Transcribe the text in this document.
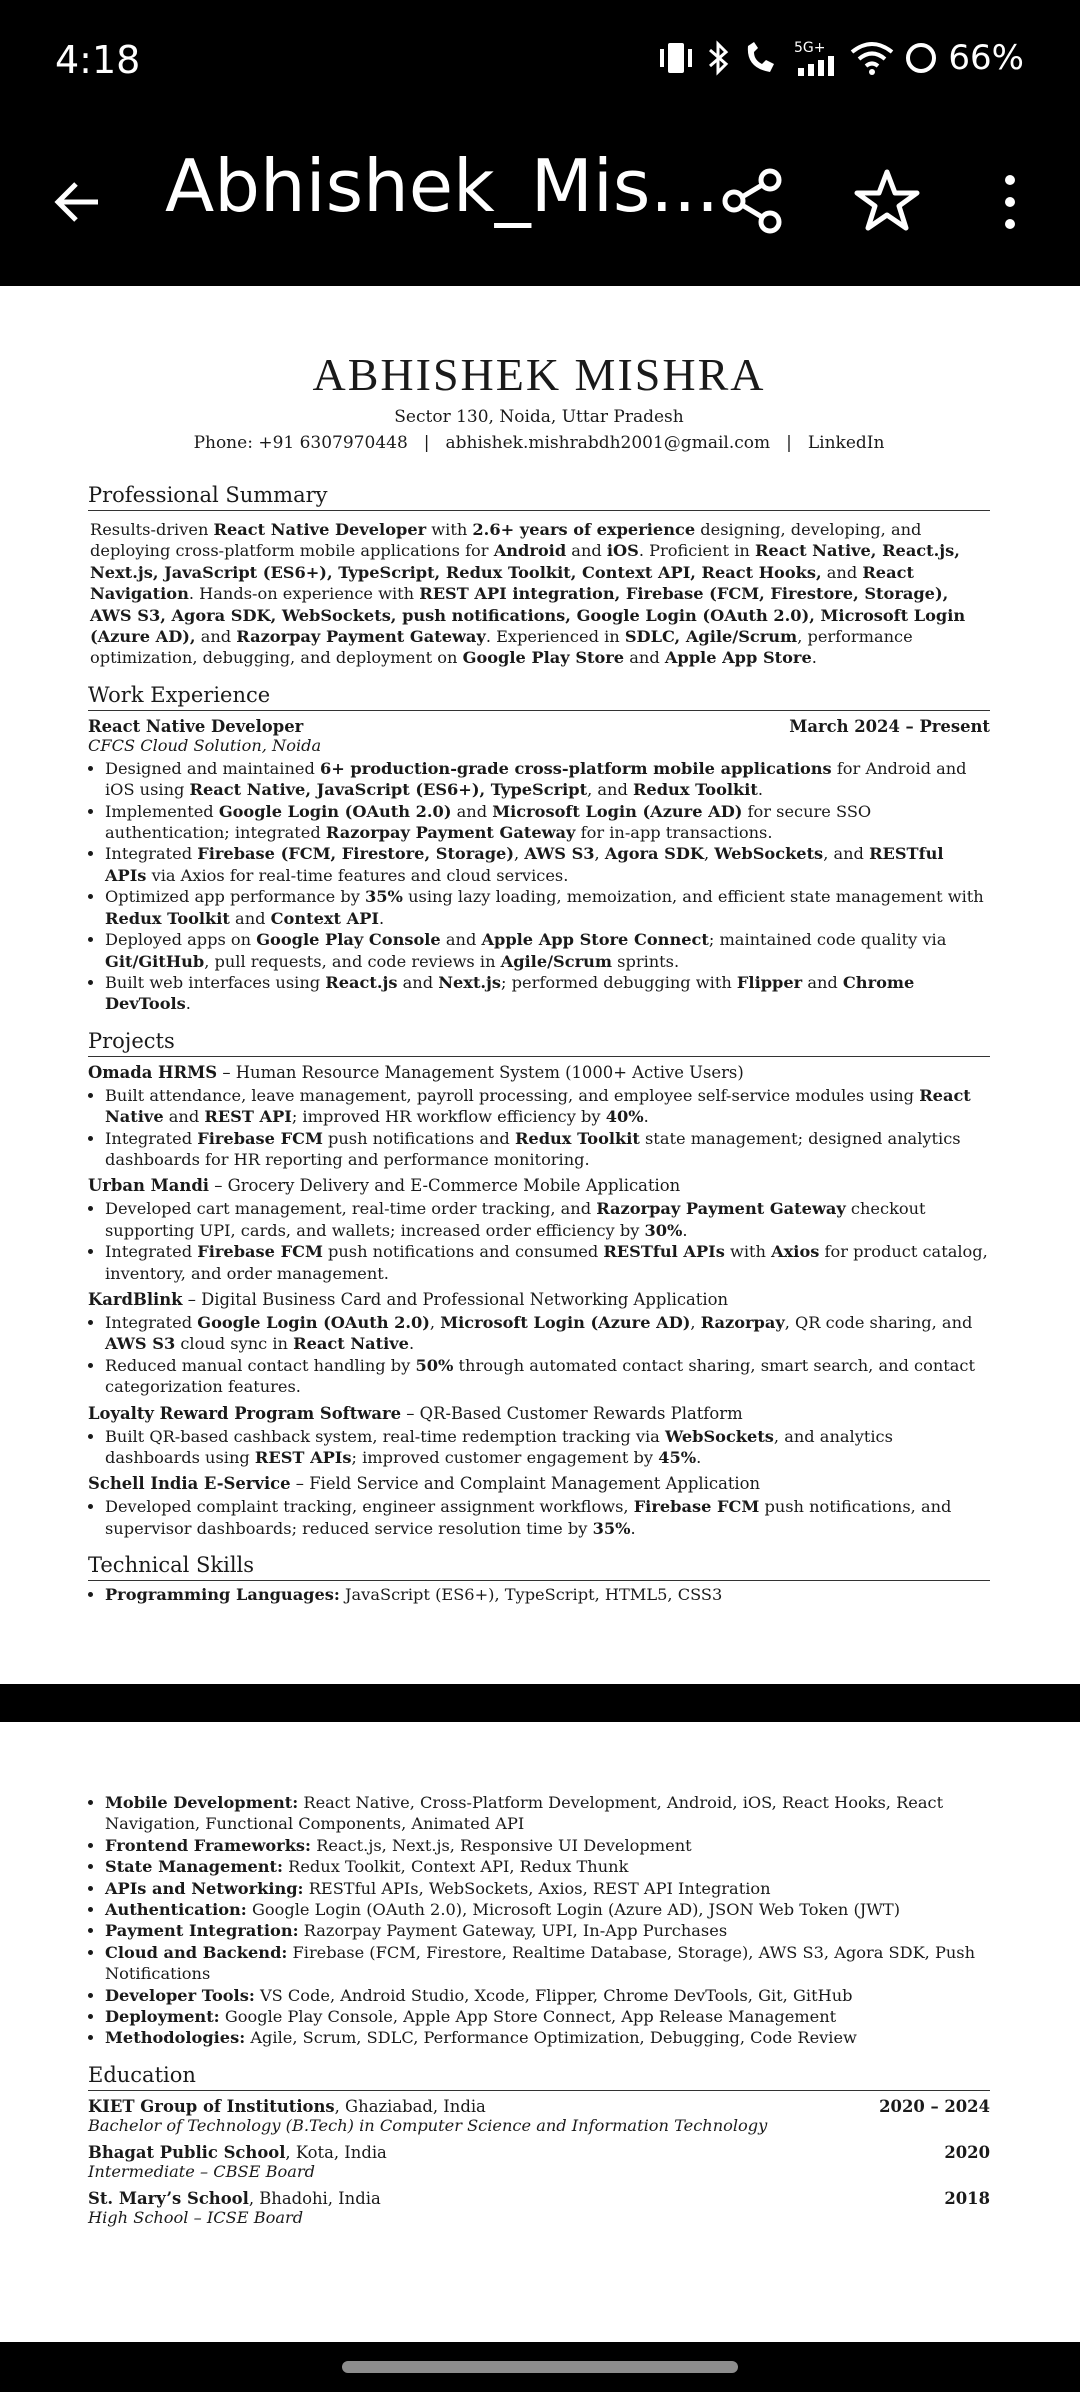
4:18	5G+	66%
Abhishek_Mis...
ABHISHEK MISHRA
Sector 130, Noida, Uttar Pradesh
Phone: +91 6307970448 | abhishek.mishrabdh2001@gmail.com | LinkedIn
Professional Summary

Results-driven React Native Developer with 2.6+ years of experience designing, developing, and deploying cross-platform mobile applications for Android and iOS. Proficient in React Native, React.js, Next.js, JavaScript (ES6+), TypeScript, Redux Toolkit, Context API, React Hooks, and React Navigation. Hands-on experience with REST API integration, Firebase (FCM, Firestore, Storage), AWS S3, Agora SDK, WebSockets, push notifications, Google Login (OAuth 2.0), Microsoft Login (Azure AD), and Razorpay Payment Gateway. Experienced in SDLC, Agile/Scrum, performance optimization, debugging, and deployment on Google Play Store and Apple App Store.

Work Experience
React Native Developer	March 2024 – Present
CFCS Cloud Solution, Noida
• Designed and maintained 6+ production-grade cross-platform mobile applications for Android and iOS using React Native, JavaScript (ES6+), TypeScript, and Redux Toolkit.
• Implemented Google Login (OAuth 2.0) and Microsoft Login (Azure AD) for secure SSO authentication; integrated Razorpay Payment Gateway for in-app transactions.
• Integrated Firebase (FCM, Firestore, Storage), AWS S3, Agora SDK, WebSockets, and RESTful APIs via Axios for real-time features and cloud services.
• Optimized app performance by 35% using lazy loading, memoization, and efficient state management with Redux Toolkit and Context API.
• Deployed apps on Google Play Console and Apple App Store Connect; maintained code quality via Git/GitHub, pull requests, and code reviews in Agile/Scrum sprints.
• Built web interfaces using React.js and Next.js; performed debugging with Flipper and Chrome DevTools.
Projects
Omada HRMS – Human Resource Management System (1000+ Active Users)
• Built attendance, leave management, payroll processing, and employee self-service modules using React Native and REST API; improved HR workflow efficiency by 40%.
• Integrated Firebase FCM push notifications and Redux Toolkit state management; designed analytics dashboards for HR reporting and performance monitoring.
Urban Mandi – Grocery Delivery and E-Commerce Mobile Application
• Developed cart management, real-time order tracking, and Razorpay Payment Gateway checkout supporting UPI, cards, and wallets; increased order efficiency by 30%.
• Integrated Firebase FCM push notifications and consumed RESTful APIs with Axios for product catalog, inventory, and order management.
KardBlink – Digital Business Card and Professional Networking Application
• Integrated Google Login (OAuth 2.0), Microsoft Login (Azure AD), Razorpay, QR code sharing, and AWS S3 cloud sync in React Native.
• Reduced manual contact handling by 50% through automated contact sharing, smart search, and contact categorization features.
Loyalty Reward Program Software – QR-Based Customer Rewards Platform
• Built QR-based cashback system, real-time redemption tracking via WebSockets, and analytics dashboards using REST APIs; improved customer engagement by 45%.
Schell India E-Service – Field Service and Complaint Management Application
• Developed complaint tracking, engineer assignment workflows, Firebase FCM push notifications, and supervisor dashboards; reduced service resolution time by 35%.
Technical Skills
• Programming Languages: JavaScript (ES6+), TypeScript, HTML5, CSS3
• Mobile Development: React Native, Cross-Platform Development, Android, iOS, React Hooks, React Navigation, Functional Components, Animated API
• Frontend Frameworks: React.js, Next.js, Responsive UI Development
• State Management: Redux Toolkit, Context API, Redux Thunk
• APIs and Networking: RESTful APIs, WebSockets, Axios, REST API Integration
• Authentication: Google Login (OAuth 2.0), Microsoft Login (Azure AD), JSON Web Token (JWT)
• Payment Integration: Razorpay Payment Gateway, UPI, In-App Purchases
• Cloud and Backend: Firebase (FCM, Firestore, Realtime Database, Storage), AWS S3, Agora SDK, Push Notifications
• Developer Tools: VS Code, Android Studio, Xcode, Flipper, Chrome DevTools, Git, GitHub
• Deployment: Google Play Console, Apple App Store Connect, App Release Management
• Methodologies: Agile, Scrum, SDLC, Performance Optimization, Debugging, Code Review
Education
KIET Group of Institutions, Ghaziabad, India	2020 – 2024
Bachelor of Technology (B.Tech) in Computer Science and Information Technology
Bhagat Public School, Kota, India	2020
Intermediate – CBSE Board
St. Mary’s School, Bhadohi, India	2018
High School – ICSE Board
